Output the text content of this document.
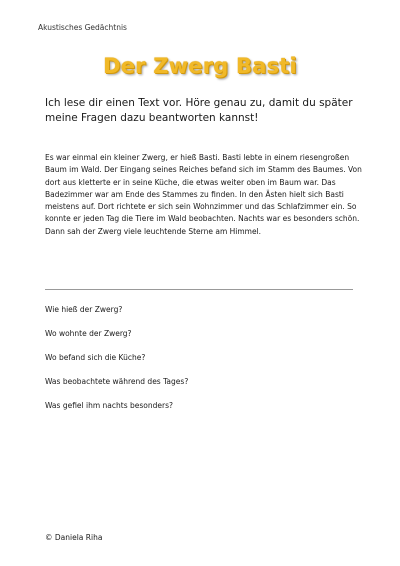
Akustisches Gedächtnis
Der Zwerg Basti
Ich lese dir einen Text vor. Höre genau zu, damit du später meine Fragen dazu beantworten kannst!
Es war einmal ein kleiner Zwerg, er hieß Basti. Basti lebte in einem riesengroßen Baum im Wald. Der Eingang seines Reiches befand sich im Stamm des Baumes. Von dort aus kletterte er in seine Küche, die etwas weiter oben im Baum war. Das Badezimmer war am Ende des Stammes zu finden. In den Ästen hielt sich Basti meistens auf. Dort richtete er sich sein Wohnzimmer und das Schlafzimmer ein. So konnte er jeden Tag die Tiere im Wald beobachten. Nachts war es besonders schön. Dann sah der Zwerg viele leuchtende Sterne am Himmel.
Wie hieß der Zwerg?
Wo wohnte der Zwerg?
Wo befand sich die Küche?
Was beobachtete während des Tages?
Was gefiel ihm nachts besonders?
© Daniela Riha
